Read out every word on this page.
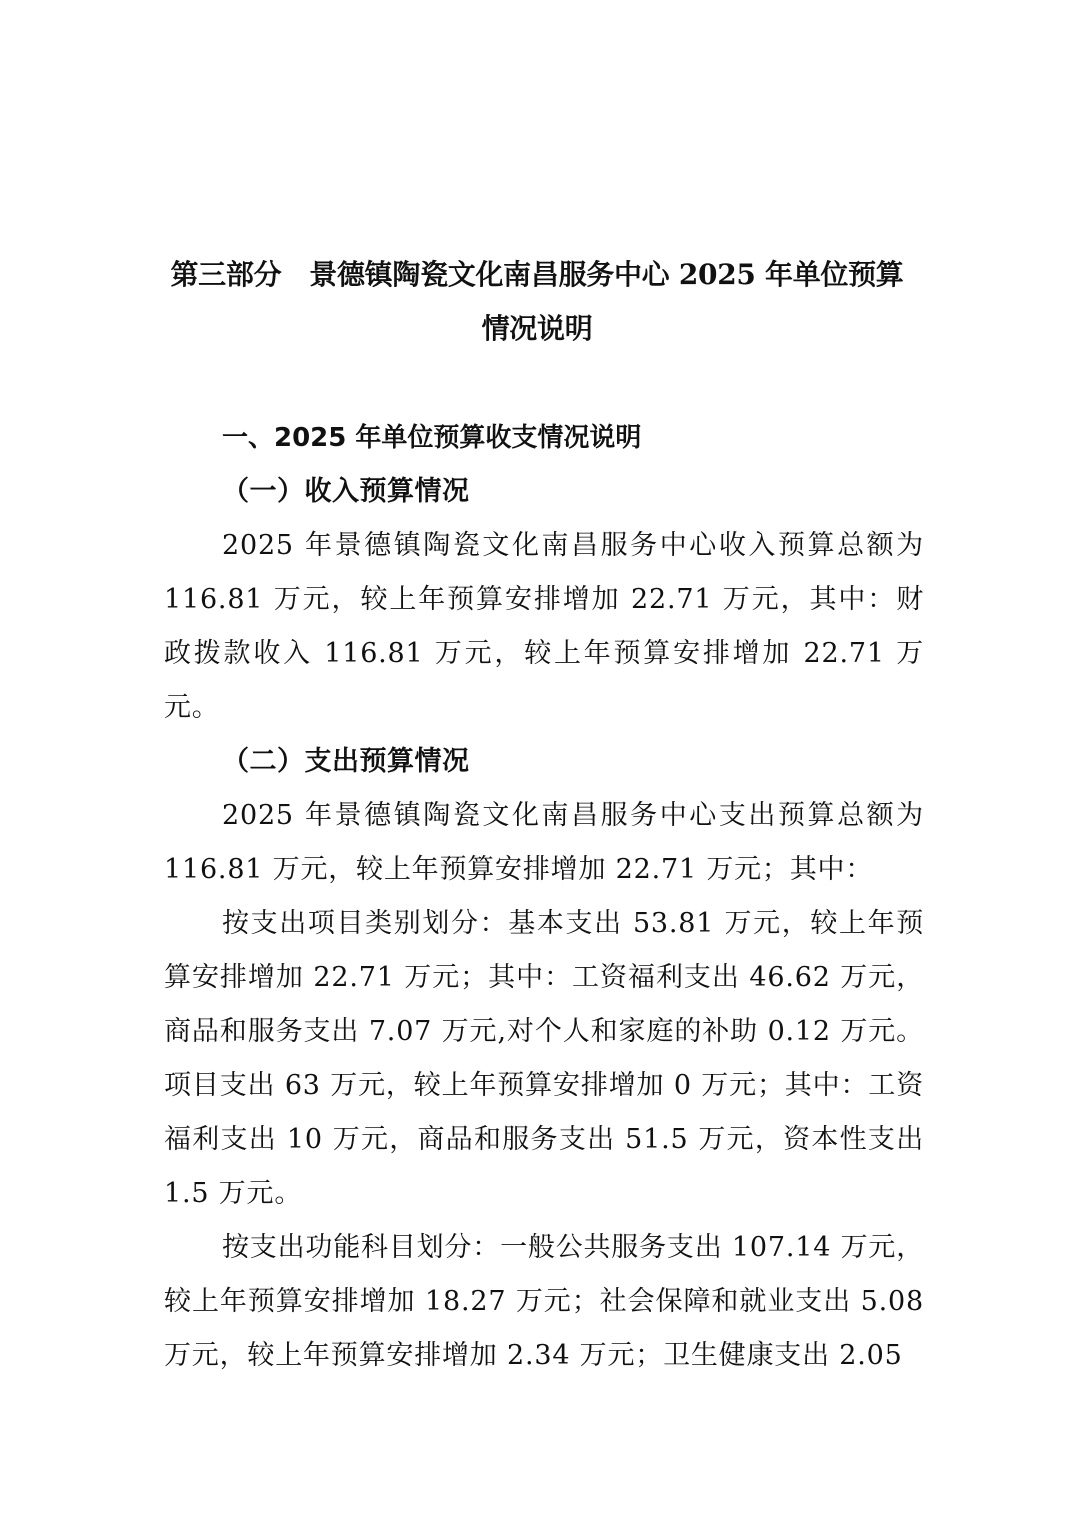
第三部分 景德镇陶瓷文化南昌服务中心 2025 年单位预算
情况说明

一、2025 年单位预算收支情况说明

（一）收入预算情况

2025 年景德镇陶瓷文化南昌服务中心收入预算总额为116.81 万元，较上年预算安排增加 22.71 万元，其中：财政拨款收入 116.81 万元，较上年预算安排增加 22.71 万元。

（二）支出预算情况

2025 年景德镇陶瓷文化南昌服务中心支出预算总额为116.81 万元，较上年预算安排增加 22.71 万元；其中：

按支出项目类别划分：基本支出 53.81 万元，较上年预算安排增加 22.71 万元；其中：工资福利支出 46.62 万元，商品和服务支出 7.07 万元,对个人和家庭的补助 0.12 万元。项目支出 63 万元，较上年预算安排增加 0 万元；其中：工资福利支出 10 万元，商品和服务支出 51.5 万元，资本性支出 1.5 万元。

按支出功能科目划分：一般公共服务支出 107.14 万元，较上年预算安排增加 18.27 万元；社会保障和就业支出 5.08 万元，较上年预算安排增加 2.34 万元；卫生健康支出 2.05
